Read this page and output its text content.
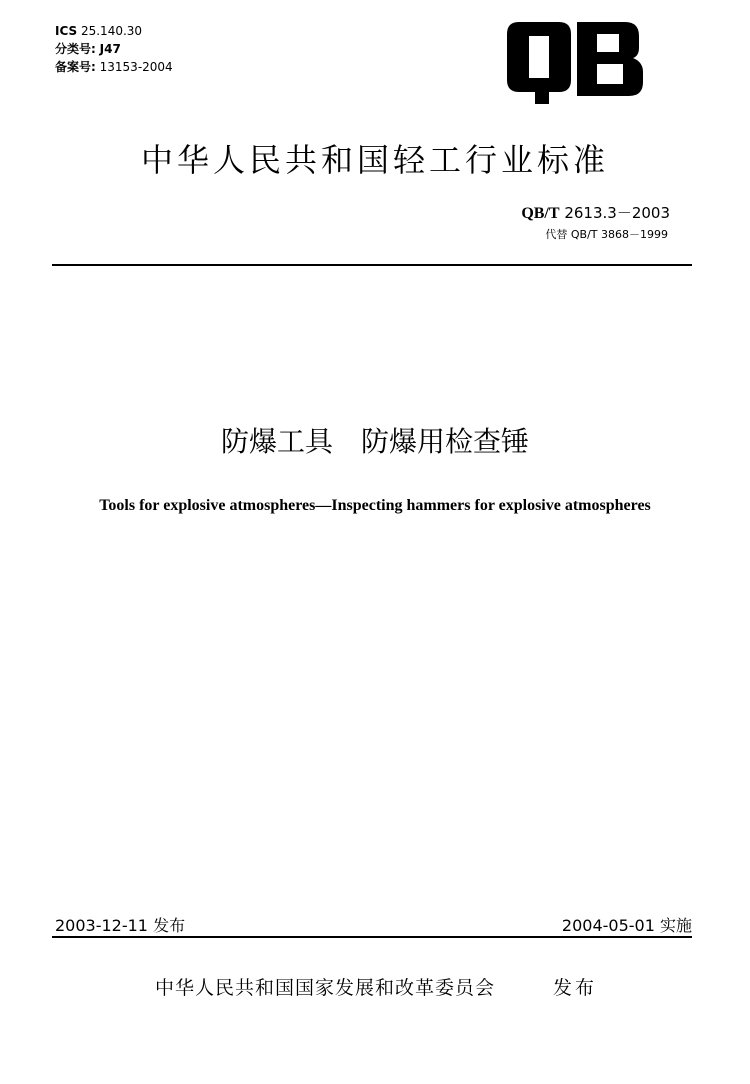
ICS 25.140.30
分类号: J47
备案号: 13153-2004
中华人民共和国轻工行业标准
QB/T 2613.3－2003
代替 QB/T 3868－1999
防爆工具　防爆用检查锤
Tools for explosive atmospheres—Inspecting hammers for explosive atmospheres
2003-12-11 发布	2004-05-01 实施
中华人民共和国国家发展和改革委员会	发布
